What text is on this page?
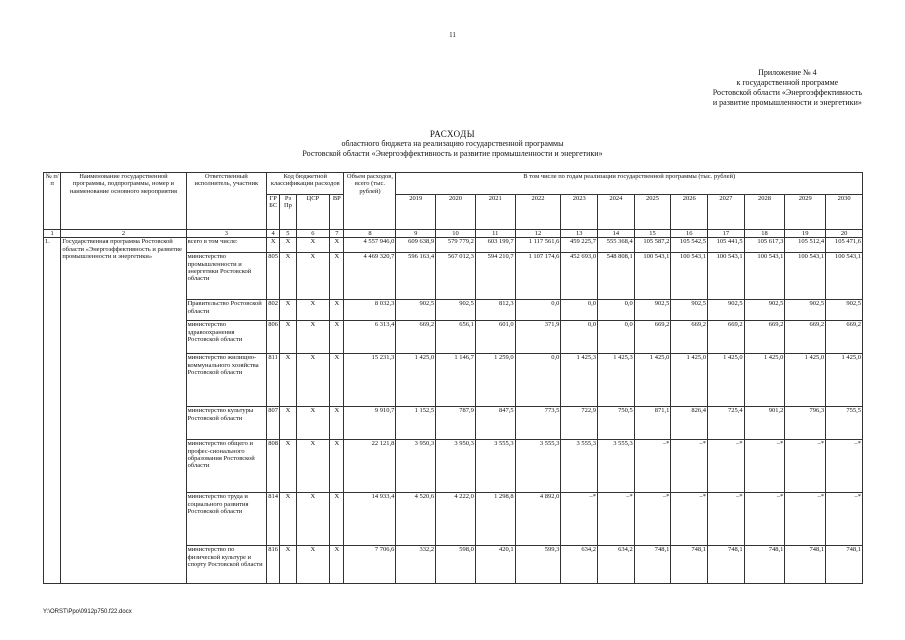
11
Приложение № 4
к государственной программе
Ростовской области «Энергоэффективность
и развитие промышленности и энергетики»
РАСХОДЫ
областного бюджета на реализацию государственной программы
Ростовской области «Энергоэффективность и развитие промышленности и энергетики»
№ п/п	Наименование государственной программы, подпрограммы, номер и наименование основного мероприятия	Ответственный исполнитель, участник	Код бюджетной классификации расходов				Объем расходов, всего (тыс. рублей)	В том числе по годам реализации государственной программы (тыс. рублей)											
			ГР БС	Рз Пр	ЦСР	ВР		2019	2020	2021	2022	2023	2024	2025	2026	2027	2028	2029	2030
1	2	3	4	5	6	7	8	9	10	11	12	13	14	15	16	17	18	19	20
1.	Государственная программа Ростовской области «Энергоэффективность и развитие промышленности и энергетики»	всего в том числе:	X	X	X	X	4 557 946,0	609 638,9	579 779,2	603 199,7	1 117 561,6	459 225,7	555 368,4	105 587,2	105 542,5	105 441,5	105 617,3	105 512,4	105 471,6
		министерство промышленности и энергетики Ростовской области	805	X	X	X	4 469 320,7	596 163,4	567 012,3	594 210,7	1 107 174,6	452 693,0	548 808,1	100 543,1	100 543,1	100 543,1	100 543,1	100 543,1	100 543,1
		Правительство Ростовской области	802	X	X	X	8 032,3	902,5	902,5	812,3	0,0	0,0	0,0	902,5	902,5	902,5	902,5	902,5	902,5
		министерство здравоохранения Ростовской области	806	X	X	X	6 313,4	669,2	656,1	601,0	371,9	0,0	0,0	669,2	669,2	669,2	669,2	669,2	669,2
		министерство жилищно-коммунального хозяйства Ростовской области	811	X	X	X	15 231,3	1 425,0	1 146,7	1 259,0	0,0	1 425,3	1 425,3	1 425,0	1 425,0	1 425,0	1 425,0	1 425,0	1 425,0
		министерство культуры Ростовской области	807	X	X	X	9 910,7	1 152,5	787,9	847,5	773,5	722,9	750,5	871,1	826,4	725,4	901,2	796,3	755,5
		министерство общего и профес-сионального образования Ростовской области	808	X	X	X	22 121,8	3 950,3	3 950,3	3 555,3	3 555,3	3 555,3	3 555,3	–*	–*	–*	–*	–*	–*
		министерство труда и социального развития Ростовской области	814	X	X	X	14 933,4	4 520,6	4 222,0	1 298,8	4 892,0	–*	–*	–*	–*	–*	–*	–*	–*
		министерство по физической культуре и спорту Ростовской области	816	X	X	X	7 706,6	332,2	598,0	420,1	599,3	634,2	634,2	748,1	748,1	748,1	748,1	748,1	748,1
Y:\ORST\Ppo\0912p750.f22.docx
